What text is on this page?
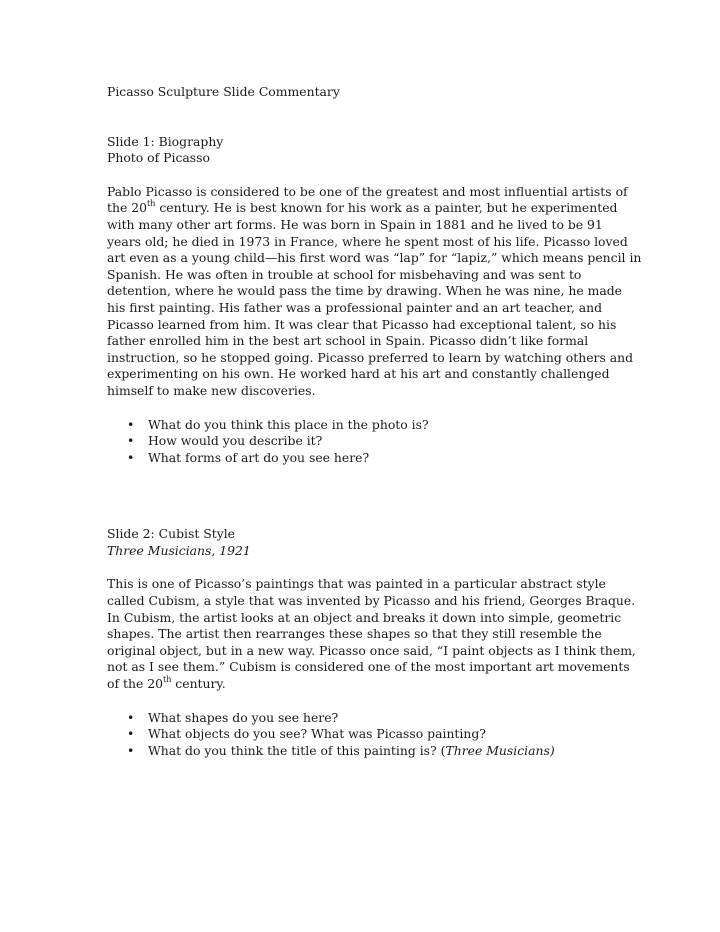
Picasso Sculpture Slide Commentary

Slide 1: Biography
Photo of Picasso
Pablo Picasso is considered to be one of the greatest and most influential artists of
the 20th century. He is best known for his work as a painter, but he experimented
with many other art forms. He was born in Spain in 1881 and he lived to be 91
years old; he died in 1973 in France, where he spent most of his life. Picasso loved
art even as a young child—his first word was “lap” for “lapiz,” which means pencil in
Spanish. He was often in trouble at school for misbehaving and was sent to
detention, where he would pass the time by drawing. When he was nine, he made
his first painting. His father was a professional painter and an art teacher, and
Picasso learned from him. It was clear that Picasso had exceptional talent, so his
father enrolled him in the best art school in Spain. Picasso didn’t like formal
instruction, so he stopped going. Picasso preferred to learn by watching others and
experimenting on his own. He worked hard at his art and constantly challenged
himself to make new discoveries.
• What do you think this place in the photo is?
• How would you describe it?
• What forms of art do you see here?
Slide 2: Cubist Style
Three Musicians, 1921
This is one of Picasso’s paintings that was painted in a particular abstract style
called Cubism, a style that was invented by Picasso and his friend, Georges Braque.
In Cubism, the artist looks at an object and breaks it down into simple, geometric
shapes. The artist then rearranges these shapes so that they still resemble the
original object, but in a new way. Picasso once said, “I paint objects as I think them,
not as I see them.” Cubism is considered one of the most important art movements
of the 20th century.
• What shapes do you see here?
• What objects do you see? What was Picasso painting?
• What do you think the title of this painting is? (Three Musicians)
